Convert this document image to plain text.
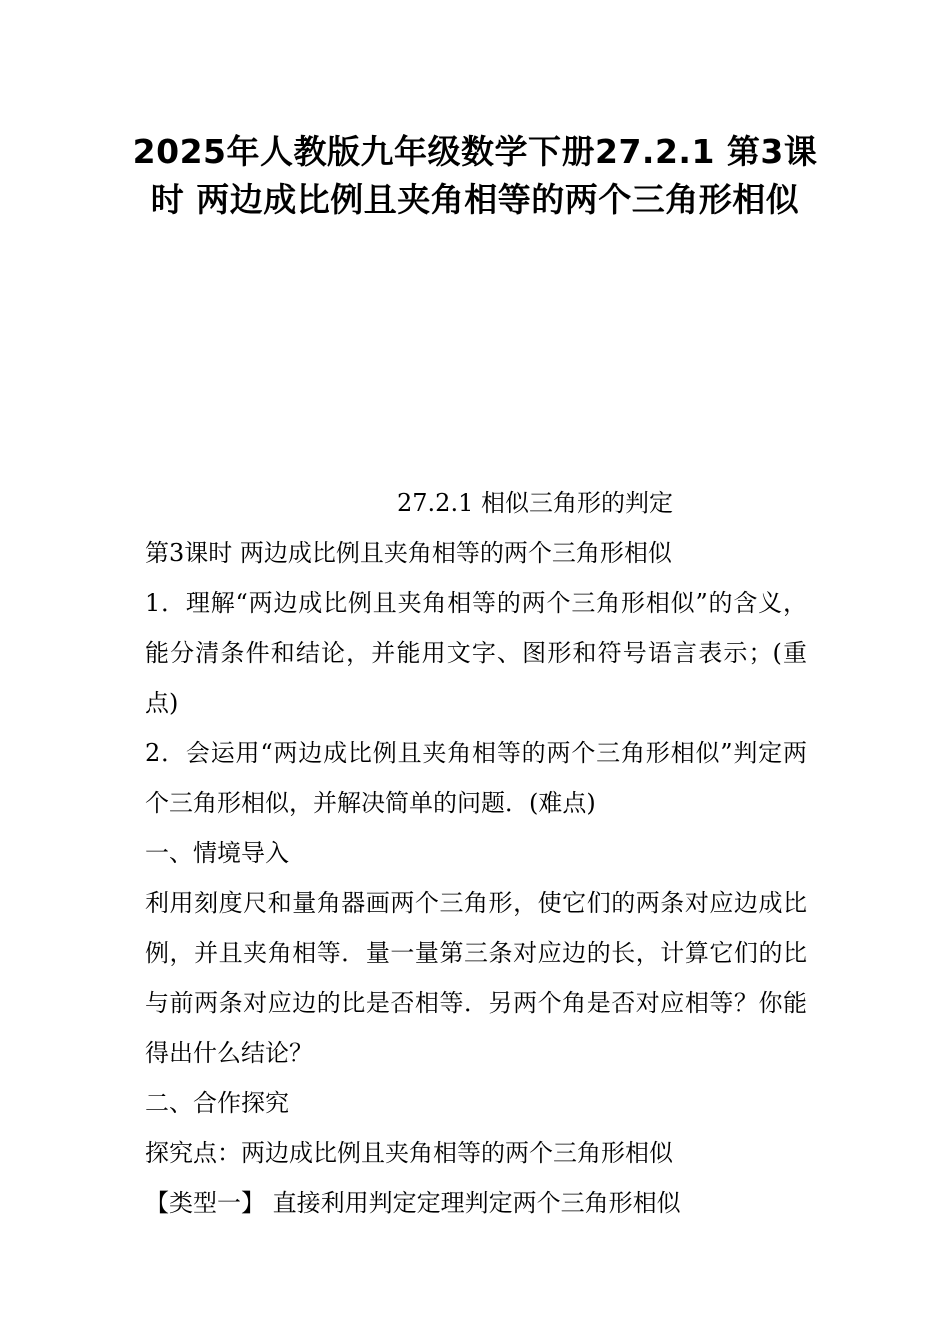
2025年人教版九年级数学下册27.2.1 第3课时 两边成比例且夹角相等的两个三角形相似

27.2.1 相似三角形的判定

第3课时 两边成比例且夹角相等的两个三角形相似

1．理解“两边成比例且夹角相等的两个三角形相似”的含义，能分清条件和结论，并能用文字、图形和符号语言表示；(重点)

2．会运用“两边成比例且夹角相等的两个三角形相似”判定两个三角形相似，并解决简单的问题．(难点)

一、情境导入

利用刻度尺和量角器画两个三角形，使它们的两条对应边成比例，并且夹角相等．量一量第三条对应边的长，计算它们的比与前两条对应边的比是否相等．另两个角是否对应相等？你能得出什么结论？

二、合作探究

探究点：两边成比例且夹角相等的两个三角形相似

【类型一】 直接利用判定定理判定两个三角形相似
